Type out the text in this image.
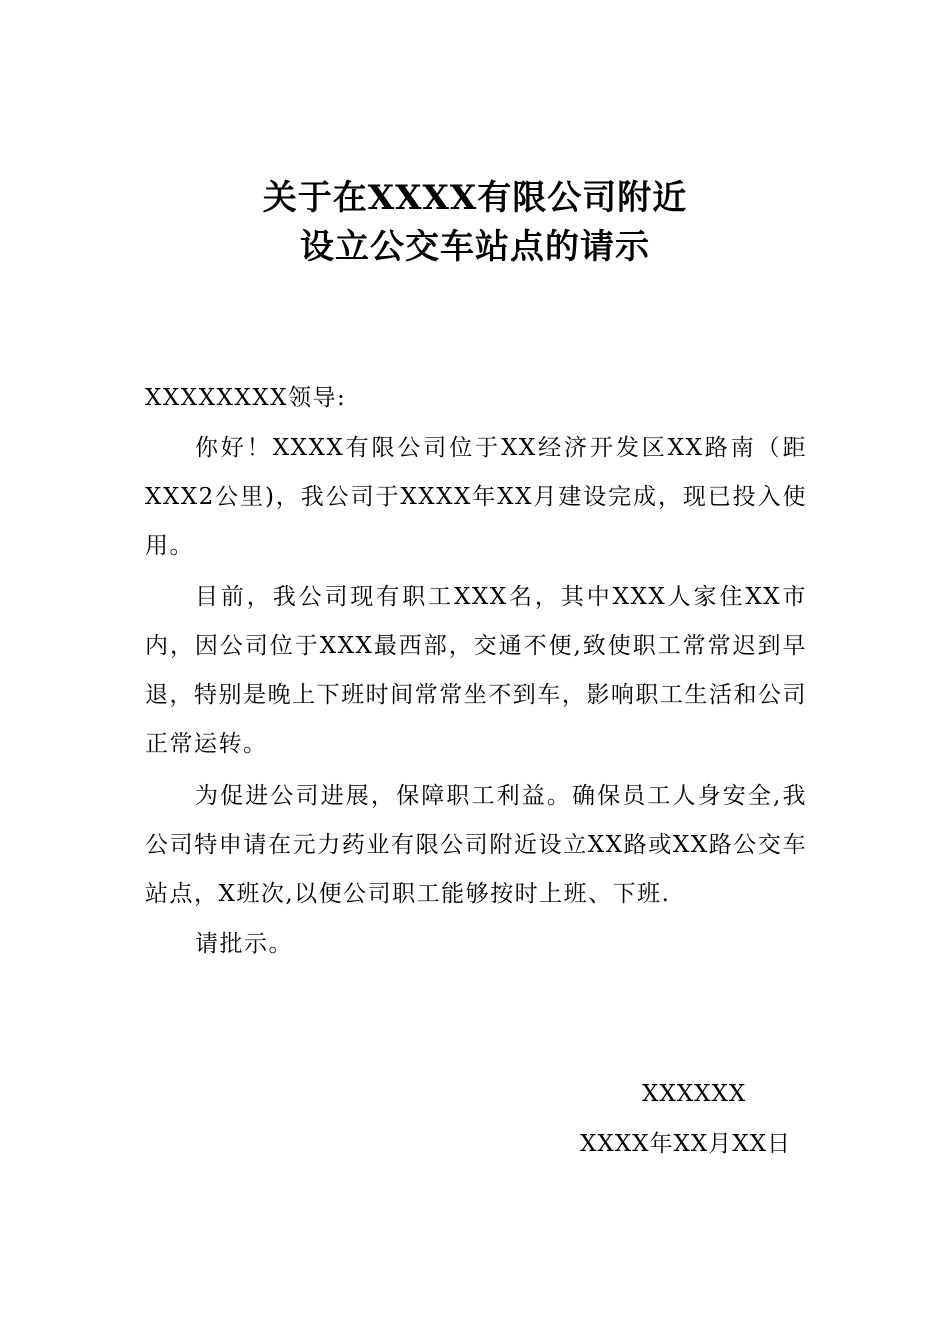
关于在XXXX有限公司附近
设立公交车站点的请示
XXXXXXXX领导:

你好！XXXX有限公司位于XX经济开发区XX路南（距XXX2公里)，我公司于XXXX年XX月建设完成，现已投入使用。

目前，我公司现有职工XXX名，其中XXX人家住XX市内，因公司位于XXX最西部，交通不便,致使职工常常迟到早退，特别是晚上下班时间常常坐不到车，影响职工生活和公司正常运转。

为促进公司进展，保障职工利益。确保员工人身安全,我公司特申请在元力药业有限公司附近设立XX路或XX路公交车站点，X班次,以便公司职工能够按时上班、下班.

请批示。

XXXXXX
XXXX年XX月XX日
